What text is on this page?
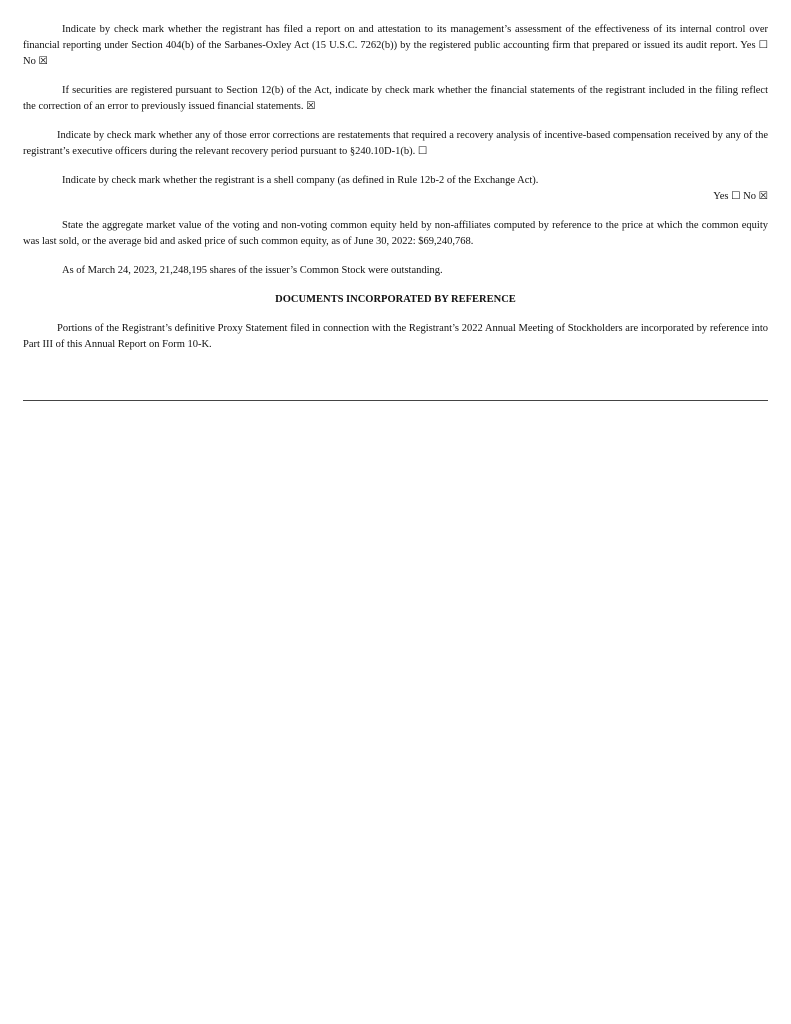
Indicate by check mark whether the registrant has filed a report on and attestation to its management’s assessment of the effectiveness of its internal control over financial reporting under Section 404(b) of the Sarbanes-Oxley Act (15 U.S.C. 7262(b)) by the registered public accounting firm that prepared or issued its audit report. Yes ☐ No ☒

If securities are registered pursuant to Section 12(b) of the Act, indicate by check mark whether the financial statements of the registrant included in the filing reflect the correction of an error to previously issued financial statements. ☒

Indicate by check mark whether any of those error corrections are restatements that required a recovery analysis of incentive-based compensation received by any of the registrant’s executive officers during the relevant recovery period pursuant to §240.10D-1(b). ☐

Indicate by check mark whether the registrant is a shell company (as defined in Rule 12b-2 of the Exchange Act).

Yes ☐ No ☒

State the aggregate market value of the voting and non-voting common equity held by non-affiliates computed by reference to the price at which the common equity was last sold, or the average bid and asked price of such common equity, as of June 30, 2022: $69,240,768.

As of March 24, 2023, 21,248,195 shares of the issuer’s Common Stock were outstanding.

DOCUMENTS INCORPORATED BY REFERENCE

Portions of the Registrant’s definitive Proxy Statement filed in connection with the Registrant’s 2022 Annual Meeting of Stockholders are incorporated by reference into Part III of this Annual Report on Form 10-K.
